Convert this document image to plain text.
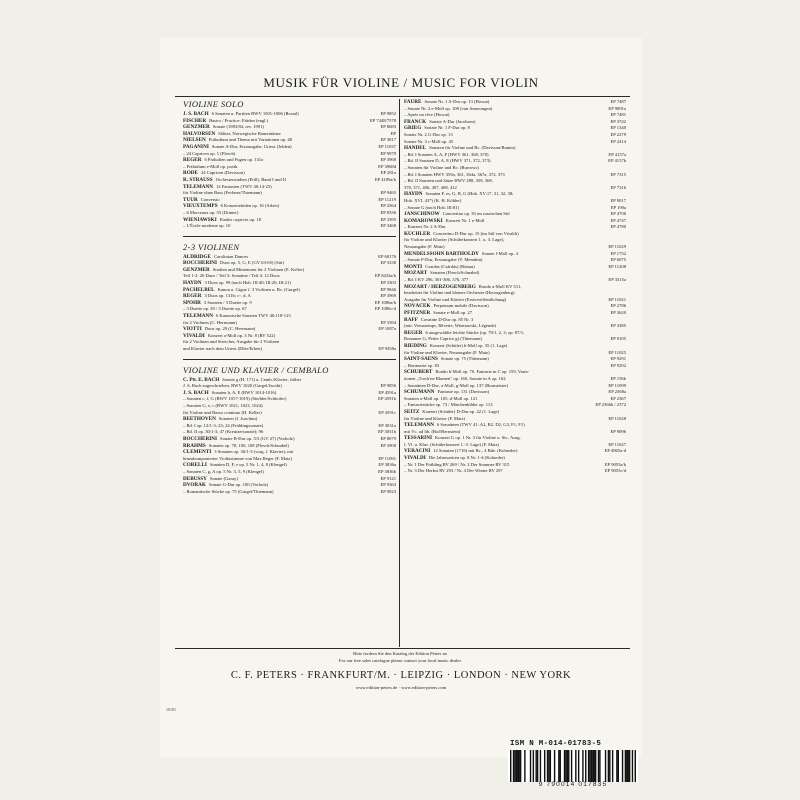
MUSIK FÜR VIOLINE / MUSIC FOR VIOLIN
VIOLINE SOLO
J. S. BACH 6 Sonaten u. Partiten BWV 1001-1006 (Rostal)	EP 9852
FISCHER Basics / Practice; Etüden (engl.)	EP 7448/7578
GENZMER Sonate (1983/84, rev. 1991)	EP 8683
HALVORSEN Slåtter, Norwegische Bauerntänze	EP
NIELSEN Präludium und Thema mit Variationen op. 48	EP 3817
PAGANINI Sonate A-Dur, Erstausgabe, Urtext (Jelden)	EP 11037
– 24 Capricen op. 1 (Flesch)	EP 9979
REGER 6 Präludien und Fugen op. 131a	EP 3968
– Präludium e-Moll op. posth.	EP 3968d
RODE 24 Capricen (Davisson)	EP 281a
R. STRAUSS Orchesterstudien (Prill), Band I und II	EP 4189a/b
TELEMANN 12 Fantasien (TWV 40:14-25)
für Violine ohne Bass (Fechner/Thiemann)	EP 9465
TÜÜR Conversio	EP 11219
VIEUXTEMPS 6 Konzertetüden op. 16 (Arbós)	EP 2564
– 6 Morceaux op. 55 (Drüner)	EP 8336
WIENIAWSKI Etudes caprices op. 18	EP 3395
– L'École moderne op. 10	EP 3468
2-3 VIOLINEN
ALDRIDGE Carolinian Dances	EP 68176
BOCCHERINI Duos op. 5, G, E (GV 63-65) (Sitt)	EP 3338
GENZMER Studien und Miniaturen für 2 Violinen (E. Keller)
Teil 1-2: 26 Duos / Teil 3: Sonatine / Teil 4: 12 Duos	EP 8432a/b
HAYDN 3 Duos op. 99 (nach Hob. III:40; III:20; III:21)	EP 3303
PACHELBEL Kanon u. Gigue f. 3 Violinen u. Bc. (Gurgel)	EP 9846
REGER 3 Duos op. 131b; c-, d, A	EP 3969
SPOHR 3 Sonaten / 3 Duette op. 9	EP 1086a/b
– 3 Duette op. 39 / 3 Duette op. 67	EP 1086c/d
TELEMANN 6 Kanonische Sonaten TWV 40:118-123
für 2 Violinen (C. Herrmann)	EP 3394
VIOTTI Duos op. 29 (C. Herrmann)	EP 1087a
VIVALDI Konzert a-Moll op. 3 Nr. 8 (RV 522)
für 2 Violinen und Streicher, Ausgabe für 2 Violinen
und Klavier nach dem Urtext (Eller/Erben)	EP 9458a
VIOLINE UND KLAVIER / CEMBALO
C. Ph. E. BACH Sonate g (H. 171) u. Cemb./Klavier, früher
J. S. Bach zugeschrieben, BWV 1020 (Gurgel/Jacobi)	EP 9856
J. S. BACH Sonaten h, A, E (BWV 1014-1016)	EP 4591a
– Sonaten c, f, G (BWV 1017-1019) (Stiehler/Schloifer)	EP 4591b
– Sonaten G, e, c (BWV 1021, 1023, 1024)
für Violine und Basso continuo (H. Keller)	EP 4591c
BEETHOVEN Sonaten (J. Joachim)
– Bd. I op. 12/1-3; 23; 24 (Frühlingssonate)	EP 3031a
– Bd. II op. 30/1-3; 47 (Kreutzersonate); 96	EP 3031b
BOCCHERINI Sonate B-Dur op. 5/3 (GV 27) (Vorholz)	EP 8079
BRAHMS Sonaten op. 78, 100, 108 (Flesch/Schnabel)	EP 3900
CLEMENTI 3 Sonaten op. 36/1-3 (vorg. f. Klavier), mit
hinzukomponierter Violinstimme von Max Reger (F. Matz)	EP 11091
CORELLI Sonaten D, F, e op. 5 Nr. 1, 4, 8 (Klengel)	EP 3836a
– Sonaten C, g, A op. 5 Nr. 3, 5, 9 (Klengel)	EP 3836b
DEBUSSY Sonate (Garay)	EP 9121
DVOŘÁK Sonate G-Dur op. 100 (Vorholz)	EP 9363
– Romantische Stücke op. 75 (Gurgel/Thiemann)	EP 9823
FAURÉ Sonate Nr. 1 A-Dur op. 13 (Howat)	EP 7487
– Sonate Nr. 2 e-Moll op. 108 (van Amerongen)	EP 9891a
– Après un rêve (Howat)	EP 7481
FRANCK Sonate A-Dur (Jacobsen)	EP 3742
GRIEG Sonate Nr. 1 F-Dur op. 8	EP 1340
Sonate Nr. 2 G-Dur op. 13	EP 2279
Sonate Nr. 3 c-Moll op. 45	EP 2414
HÄNDEL Sonaten für Violine und Bc. (Davisson/Ramin)
– Bd. I Sonaten A, A, F (HWV 361, 368, 370)	EP 4157a
– Bd. II Sonaten D, A, E (HWV 371, 372, 373)	EP 4157b
– Sonaten für Violine und Bc. (Burrows)
– Bd. I Sonaten HWV 359a, 361, 364a, 367a, 372, 373	EP 7315
– Bd. II Sonaten und Sätze HWV 288, 358, 368,
370, 371, 406, 407, 408, 412	EP 7316
HAYDN Sonaten F, es, G, B, G (Hob. XV:17, 31, 32, 38;
Hob. XVI, 43*) (K. H. Köhler)	EP 9017
– Sonate G (nach Hob. III:81)	EP 190a
JANSCHINOW Concertino op. 35 im russischen Stil	EP 4706
KOMAROWSKI Konzert Nr. 1 e-Moll	EP 4747
– Konzert Nr. 2 A-Dur	EP 4780
KÜCHLER Concertino D-Dur op. 15 (im Stil von Vivaldi)
für Violine und Klavier (Schülerkonzert 1. u. 3. Lage),
Neuausgabe (F. Matz)	EP 11029
MENDELSSOHN BARTHOLDY Sonate f-Moll op. 4	EP 1732
– Sonate F-Dur, Erstausgabe (Y. Menuhin)	EP 6075
MONTI Csardas (Csárdás) (Bünau)	EP 11208
MOZART Sonaten (Flesch/Schnabel)
– Bd. I KV 296, 301-306, 376, 377	EP 3315a
MOZART / HERZOGENBERG Rondo a-Moll KV 511,
bearbeitet für Violine und kleines Orchester (Herzogenberg)
Ausgabe für Violine und Klavier (Erstveröffentlichung)	EP 11021
NOVÁČEK Perpetuum mobile (Davisson)	EP 2786
PFITZNER Sonate e-Moll op. 27	EP 3620
RAFF Cavatine D-Dur op. 85 Nr. 3
(mit: Vieuxtemps, Rêverie, Wieniawski, Légende)	EP 3385
REGER 6 ausgewählte leichte Stücke (op. 79/1, 2, 3; op. 87/1;
Romanze G; Petite Caprice g) (Thiemann)	EP 9105
RIEDING Konzert (Schüler) h-Moll op. 35 (1. Lage)
für Violine und Klavier, Neuausgabe (F. Matz)	EP 11025
SAINT-SAËNS Sonate op. 75 (Thiemann)	EP 9291
– Havanaise op. 83	EP 9292
SCHUBERT Rondo h-Moll op. 70, Fantasie in C op. 159, Varia-
tionen „Trock'ne Blumen" op. 160, Sonate in A op. 162	EP 156b
– Sonatinen D-Dur, a-Moll, g-Moll op. 137 (Burmeister)	EP 11099
SCHUMANN Fantasie op. 131 (Davisson)	EP 2368a
Sonaten a-Moll op. 105, d-Moll op. 121	EP 2367
– Fantasiestücke op. 73 / Märchenbilder op. 113	EP 2366b / 2372
SEITZ Konzert (Schüler) D-Dur op. 22 (1. Lage)
für Violine und Klavier (F. Matz)	EP 11028
TELEMANN 6 Sonatinen (TWV 41: A2, B2, D2, G3, F1, F1)
mit Vc. ad lib. (Ruf/Bernstein)	EP 9096
TESSARINI Konzert G op. 1 Nr. 3 für Violine u. Str., Ausg.
f. Vl. u. Klav. (Schülerkonzert 1.-3. Lage) (F. Matz)	EP 11027
VERACINI 12 Sonaten (1716) mit Bc., 4 Bde. (Kolneder)	EP 4965a-d
VIVALDI Die Jahreszeiten op. 8 Nr. 1-4 (Kolneder)
– Nr. 1 Der Frühling RV 269 / Nr. 2 Der Sommer RV 315	EP 9055a/b
– Nr. 3 Der Herbst RV 293 / Nr. 4 Der Winter RV 297	EP 9055c/d
Bitte fordern Sie den Katalog der Edition Peters an
For our free sales catalogue please contact your local music dealer
C. F. PETERS · FRANKFURT/M. · LEIPZIG · LONDON · NEW YORK
www.edition-peters.de · www.edition-peters.com
10181
ISM N M-014-01783-5
9 790014 017835
